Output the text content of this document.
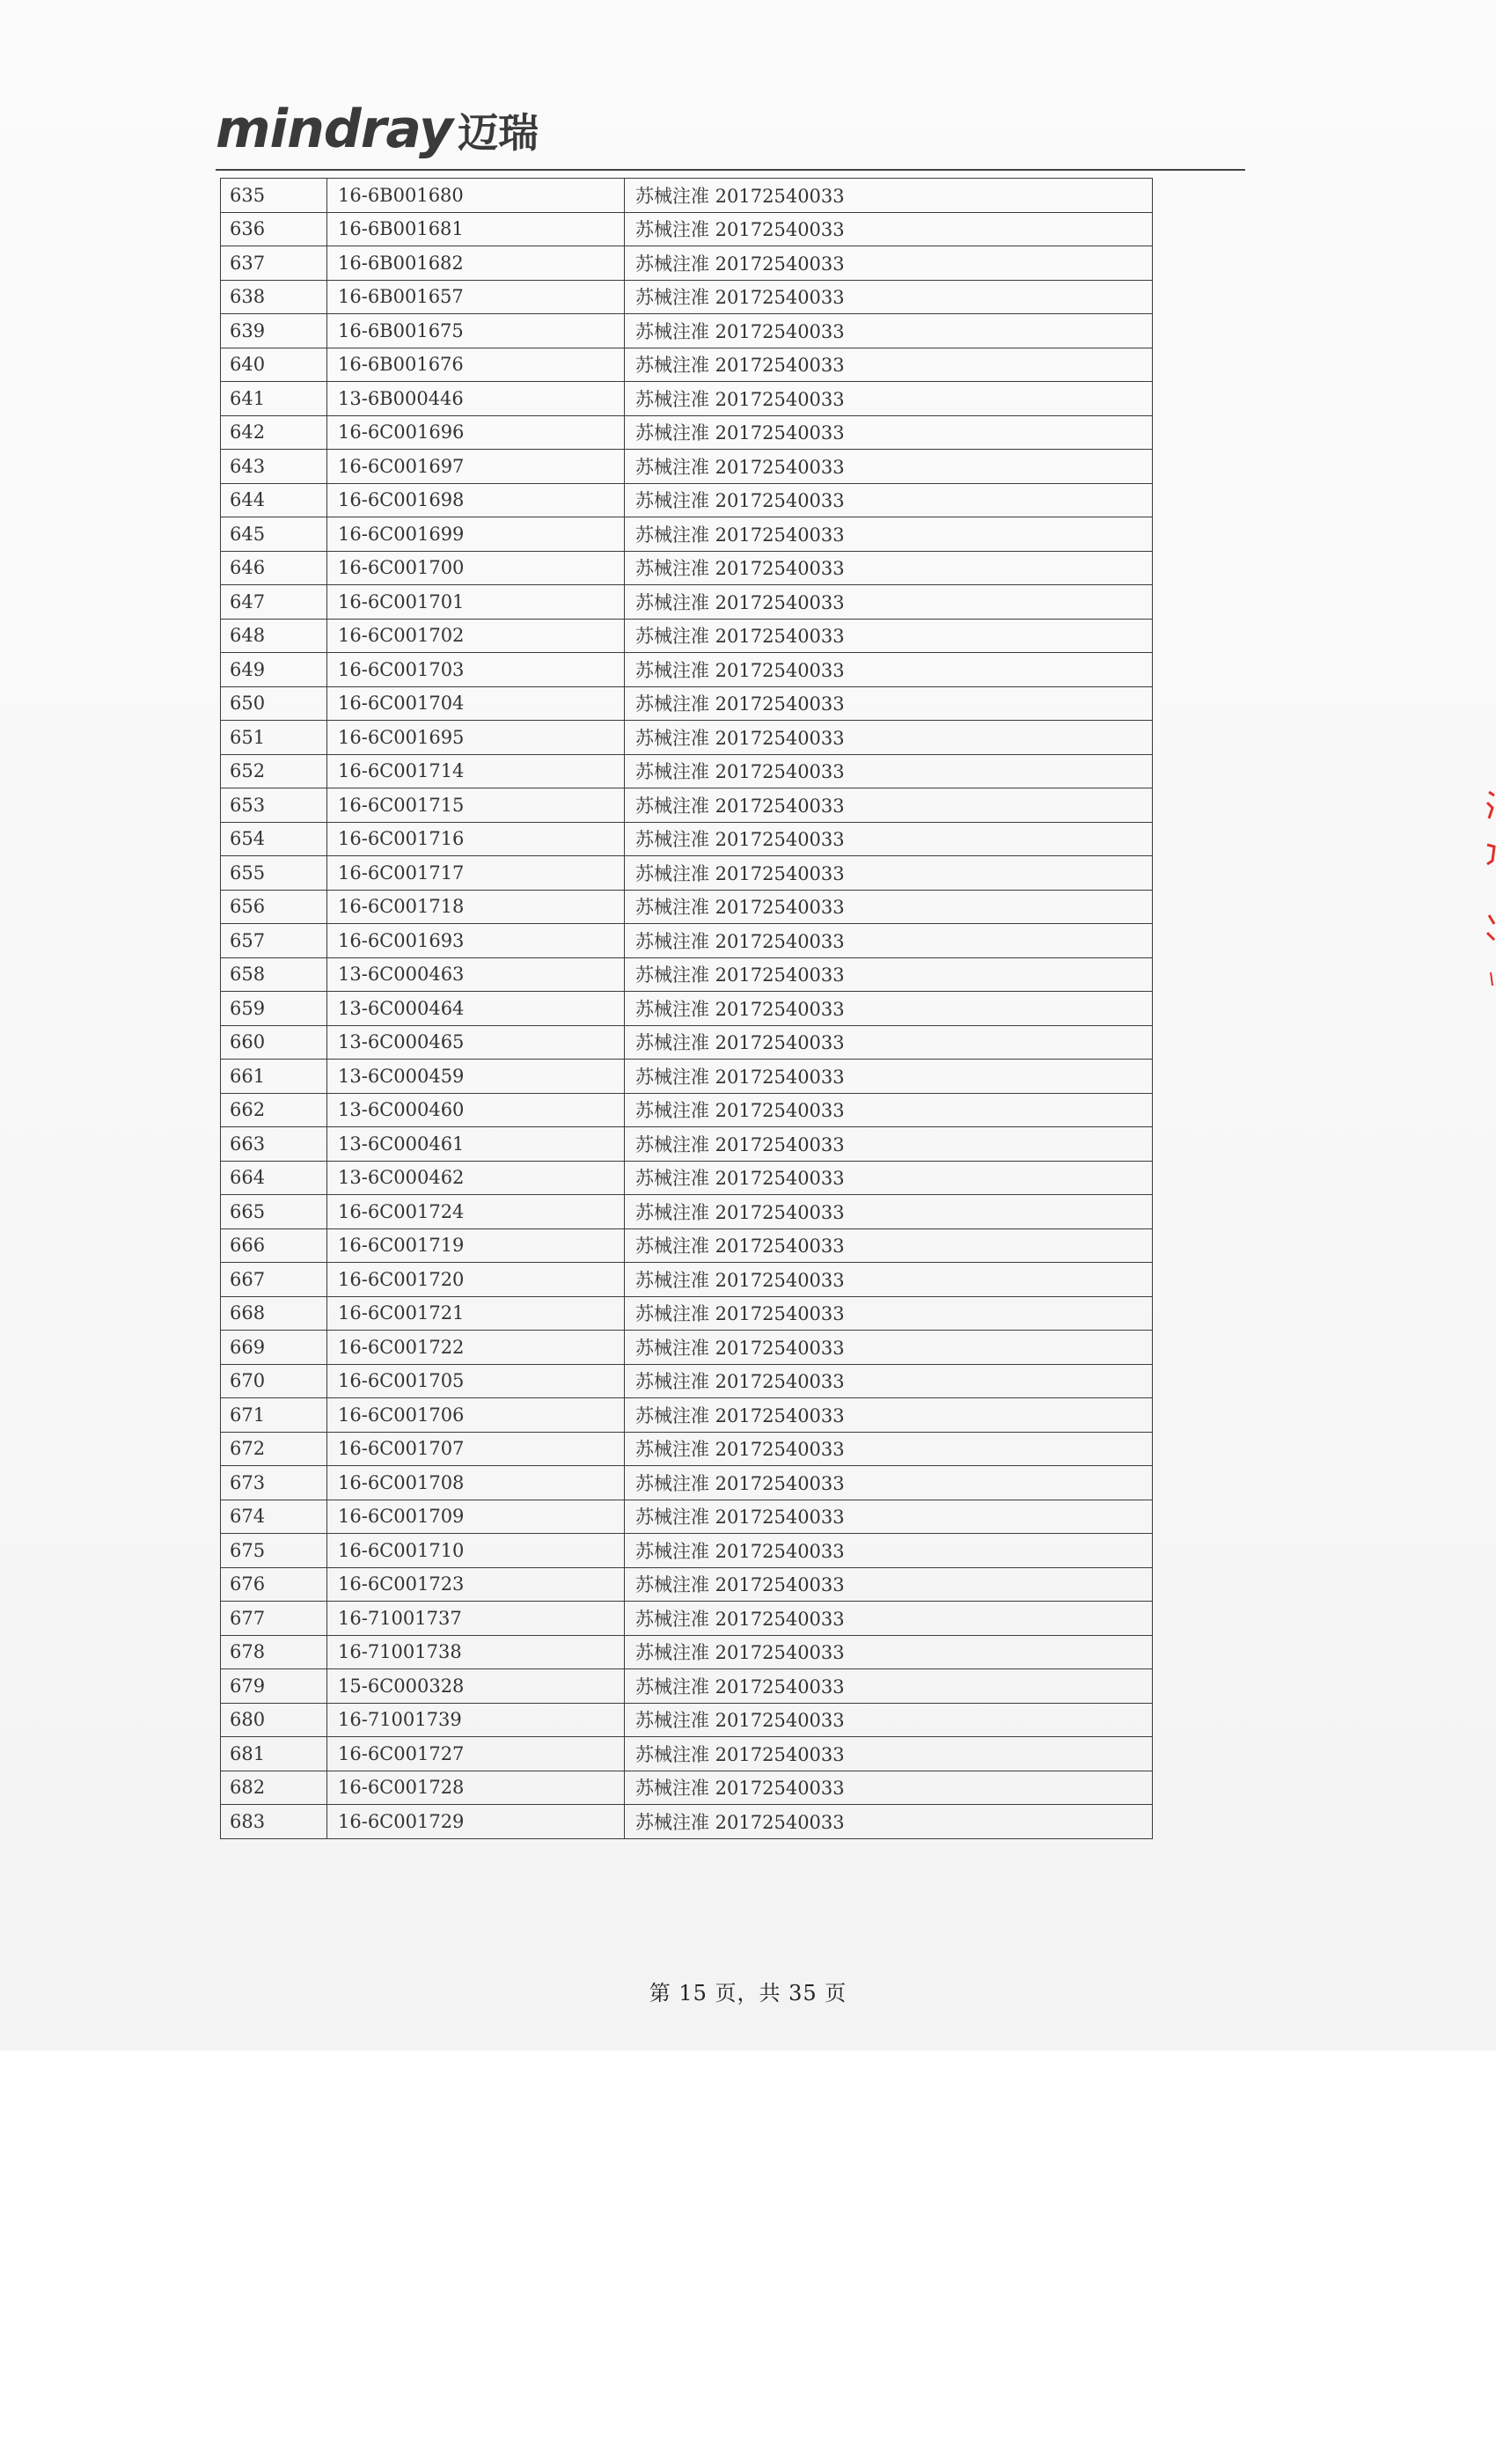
mindray 迈瑞
635	16-6B001680	苏械注准 20172540033
636	16-6B001681	苏械注准 20172540033
637	16-6B001682	苏械注准 20172540033
638	16-6B001657	苏械注准 20172540033
639	16-6B001675	苏械注准 20172540033
640	16-6B001676	苏械注准 20172540033
641	13-6B000446	苏械注准 20172540033
642	16-6C001696	苏械注准 20172540033
643	16-6C001697	苏械注准 20172540033
644	16-6C001698	苏械注准 20172540033
645	16-6C001699	苏械注准 20172540033
646	16-6C001700	苏械注准 20172540033
647	16-6C001701	苏械注准 20172540033
648	16-6C001702	苏械注准 20172540033
649	16-6C001703	苏械注准 20172540033
650	16-6C001704	苏械注准 20172540033
651	16-6C001695	苏械注准 20172540033
652	16-6C001714	苏械注准 20172540033
653	16-6C001715	苏械注准 20172540033
654	16-6C001716	苏械注准 20172540033
655	16-6C001717	苏械注准 20172540033
656	16-6C001718	苏械注准 20172540033
657	16-6C001693	苏械注准 20172540033
658	13-6C000463	苏械注准 20172540033
659	13-6C000464	苏械注准 20172540033
660	13-6C000465	苏械注准 20172540033
661	13-6C000459	苏械注准 20172540033
662	13-6C000460	苏械注准 20172540033
663	13-6C000461	苏械注准 20172540033
664	13-6C000462	苏械注准 20172540033
665	16-6C001724	苏械注准 20172540033
666	16-6C001719	苏械注准 20172540033
667	16-6C001720	苏械注准 20172540033
668	16-6C001721	苏械注准 20172540033
669	16-6C001722	苏械注准 20172540033
670	16-6C001705	苏械注准 20172540033
671	16-6C001706	苏械注准 20172540033
672	16-6C001707	苏械注准 20172540033
673	16-6C001708	苏械注准 20172540033
674	16-6C001709	苏械注准 20172540033
675	16-6C001710	苏械注准 20172540033
676	16-6C001723	苏械注准 20172540033
677	16-71001737	苏械注准 20172540033
678	16-71001738	苏械注准 20172540033
679	15-6C000328	苏械注准 20172540033
680	16-71001739	苏械注准 20172540033
681	16-6C001727	苏械注准 20172540033
682	16-6C001728	苏械注准 20172540033
683	16-6C001729	苏械注准 20172540033
第 15 页，共 35 页
